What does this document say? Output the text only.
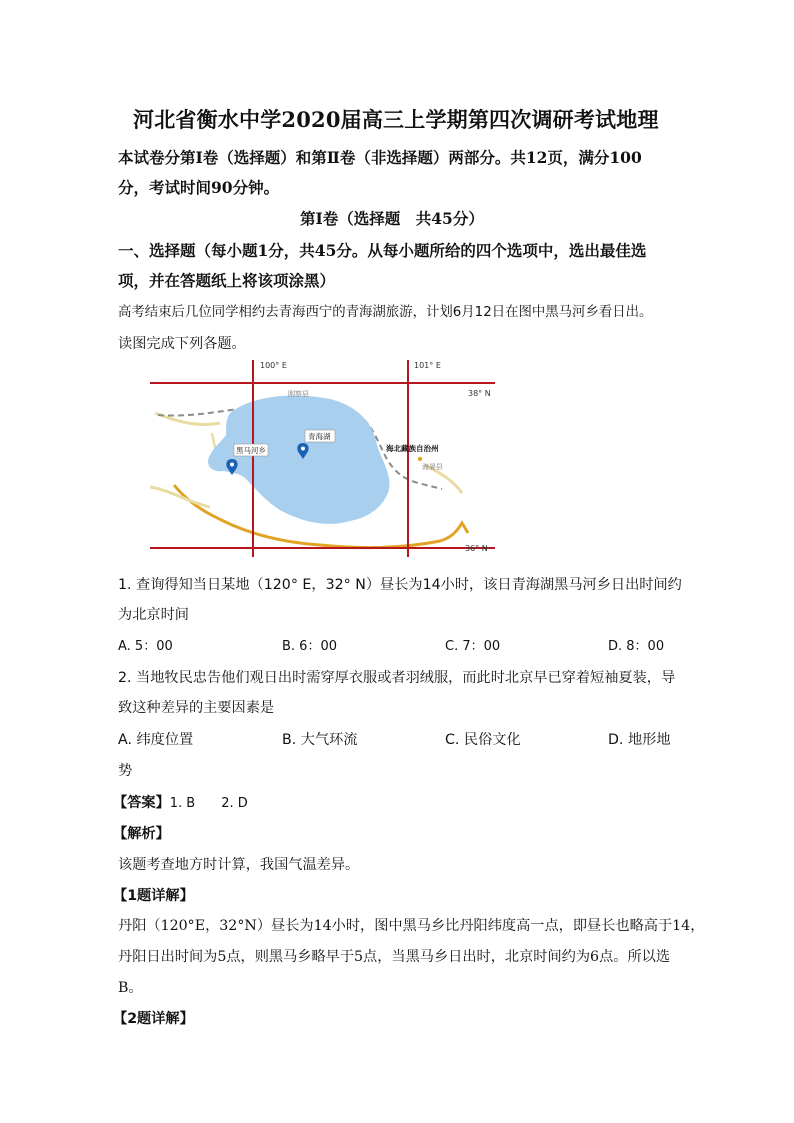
河北省衡水中学2020届高三上学期第四次调研考试地理
本试卷分第Ⅰ卷（选择题）和第Ⅱ卷（非选择题）两部分。共12页，满分100
分，考试时间90分钟。
第Ⅰ卷（选择题　共45分）
一、选择题（每小题1分，共45分。从每小题所给的四个选项中，选出最佳选
项，并在答题纸上将该项涂黑）
高考结束后几位同学相约去青海西宁的青海湖旅游，计划6月12日在图中黑马河乡看日出。
读图完成下列各题。
100° E	101° E
38° N
36° N
刚察县
青海湖
黑马河乡	海北藏族自治州
海晏县
1. 查询得知当日某地（120° E，32° N）昼长为14小时，该日青海湖黑马河乡日出时间约
为北京时间
A. 5：00	B. 6：00	C. 7：00	D. 8：00
2. 当地牧民忠告他们观日出时需穿厚衣服或者羽绒服，而此时北京早已穿着短袖夏装，导
致这种差异的主要因素是
A. 纬度位置	B. 大气环流	C. 民俗文化	D. 地形地
势
【答案】1. B　　2. D
【解析】
该题考查地方时计算，我国气温差异。
【1题详解】
丹阳（120°E，32°N）昼长为14小时，图中黑马乡比丹阳纬度高一点，即昼长也略高于14，
丹阳日出时间为5点，则黑马乡略早于5点，当黑马乡日出时，北京时间约为6点。所以选
B。
【2题详解】
